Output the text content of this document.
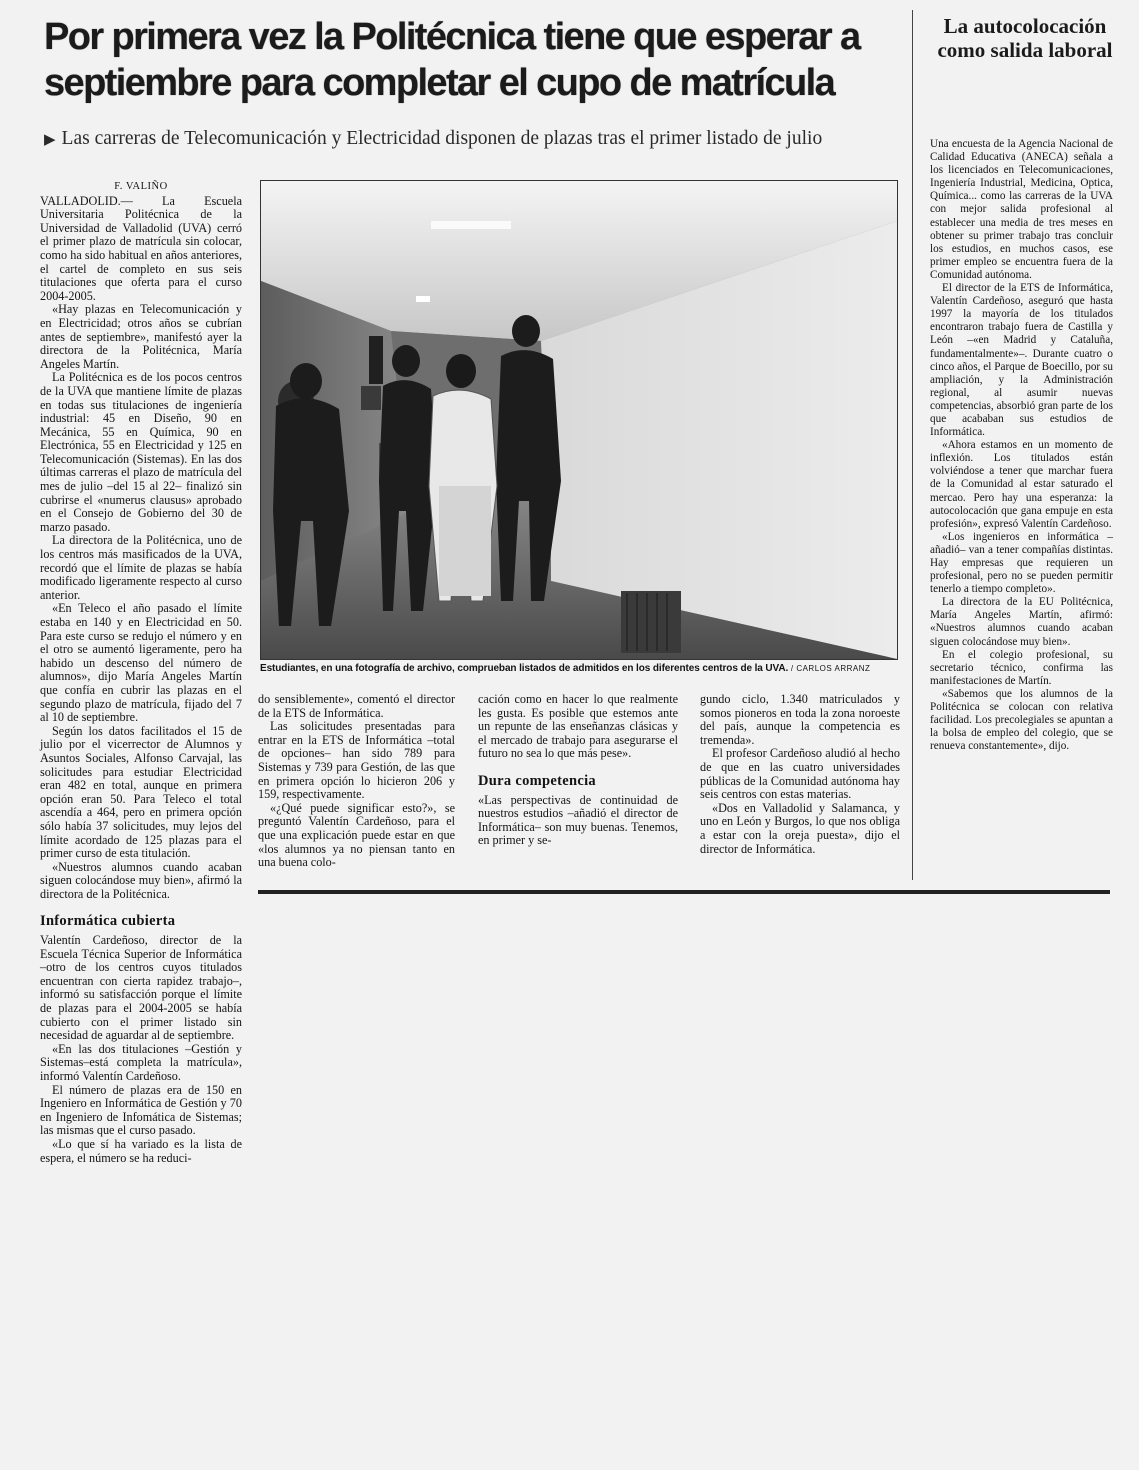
Por primera vez la Politécnica tiene que esperar a septiembre para completar el cupo de matrícula

▶ Las carreras de Telecomunicación y Electricidad disponen de plazas tras el primer listado de julio

F. VALIÑO

VALLADOLID.— La Escuela Universitaria Politécnica de la Universidad de Valladolid (UVA) cerró el primer plazo de matrícula sin colocar, como ha sido habitual en años anteriores, el cartel de completo en sus seis titulaciones que oferta para el curso 2004-2005.

«Hay plazas en Telecomunicación y en Electricidad; otros años se cubrían antes de septiembre», manifestó ayer la directora de la Politécnica, María Angeles Martín.

La Politécnica es de los pocos centros de la UVA que mantiene límite de plazas en todas sus titulaciones de ingeniería industrial: 45 en Diseño, 90 en Mecánica, 55 en Química, 90 en Electrónica, 55 en Electricidad y 125 en Telecomunicación (Sistemas). En las dos últimas carreras el plazo de matrícula del mes de julio –del 15 al 22– finalizó sin cubrirse el «numerus clausus» aprobado en el Consejo de Gobierno del 30 de marzo pasado.

La directora de la Politécnica, uno de los centros más masificados de la UVA, recordó que el límite de plazas se había modificado ligeramente respecto al curso anterior.

«En Teleco el año pasado el límite estaba en 140 y en Electricidad en 50. Para este curso se redujo el número y en el otro se aumentó ligeramente, pero ha habido un descenso del número de alumnos», dijo María Angeles Martín que confía en cubrir las plazas en el segundo plazo de matrícula, fijado del 7 al 10 de septiembre.

Según los datos facilitados el 15 de julio por el vicerrector de Alumnos y Asuntos Sociales, Alfonso Carvajal, las solicitudes para estudiar Electricidad eran 482 en total, aunque en primera opción eran 50. Para Teleco el total ascendía a 464, pero en primera opción sólo había 37 solicitudes, muy lejos del límite acordado de 125 plazas para el primer curso de esta titulación.

«Nuestros alumnos cuando acaban siguen colocándose muy bien», afirmó la directora de la Politécnica.

Informática cubierta

Valentín Cardeñoso, director de la Escuela Técnica Superior de Informática –otro de los centros cuyos titulados encuentran con cierta rapidez trabajo–, informó su satisfacción porque el límite de plazas para el 2004-2005 se había cubierto con el primer listado sin necesidad de aguardar al de septiembre.

«En las dos titulaciones –Gestión y Sistemas–está completa la matrícula», informó Valentín Cardeñoso.

El número de plazas era de 150 en Ingeniero en Informática de Gestión y 70 en Ingeniero de Infomática de Sistemas; las mismas que el curso pasado.

«Lo que sí ha variado es la lista de espera, el número se ha reduci-

Estudiantes, en una fotografía de archivo, comprueban listados de admitidos en los diferentes centros de la UVA. / CARLOS ARRANZ

do sensiblemente», comentó el director de la ETS de Informática.

Las solicitudes presentadas para entrar en la ETS de Informática –total de opciones– han sido 789 para Sistemas y 739 para Gestión, de las que en primera opción lo hicieron 206 y 159, respectivamente.

«¿Qué puede significar esto?», se preguntó Valentín Cardeñoso, para el que una explicación puede estar en que «los alumnos ya no piensan tanto en una buena colo-

cación como en hacer lo que realmente les gusta. Es posible que estemos ante un repunte de las enseñanzas clásicas y el mercado de trabajo para asegurarse el futuro no sea lo que más pese».

Dura competencia

«Las perspectivas de continuidad de nuestros estudios –añadió el director de Informática– son muy buenas. Tenemos, en primer y se-

gundo ciclo, 1.340 matriculados y somos pioneros en toda la zona noroeste del país, aunque la competencia es tremenda».

El profesor Cardeñoso aludió al hecho de que en las cuatro universidades públicas de la Comunidad autónoma hay seis centros con estas materias.

«Dos en Valladolid y Salamanca, y uno en León y Burgos, lo que nos obliga a estar con la oreja puesta», dijo el director de Informática.

La autocolocación como salida laboral

Una encuesta de la Agencia Nacional de Calidad Educativa (ANECA) señala a los licenciados en Telecomunicaciones, Ingeniería Industrial, Medicina, Optica, Química... como las carreras de la UVA con mejor salida profesional al establecer una media de tres meses en obtener su primer trabajo tras concluir los estudios, en muchos casos, ese primer empleo se encuentra fuera de la Comunidad autónoma.

El director de la ETS de Informática, Valentín Cardeñoso, aseguró que hasta 1997 la mayoría de los titulados encontraron trabajo fuera de Castilla y León –«en Madrid y Cataluña, fundamentalmente»–. Durante cuatro o cinco años, el Parque de Boecillo, por su ampliación, y la Administración regional, al asumir nuevas competencias, absorbió gran parte de los que acababan sus estudios de Informática.

«Ahora estamos en un momento de inflexión. Los titulados están volviéndose a tener que marchar fuera de la Comunidad al estar saturado el mercao. Pero hay una esperanza: la autocolocación que gana empuje en esta profesión», expresó Valentín Cardeñoso.

«Los ingenieros en informática –añadió– van a tener compañías distintas. Hay empresas que requieren un profesional, pero no se pueden permitir tenerlo a tiempo completo».

La directora de la EU Politécnica, María Angeles Martín, afirmó: «Nuestros alumnos cuando acaban siguen colocándose muy bien».

En el colegio profesional, su secretario técnico, confirma las manifestaciones de Martín.

«Sabemos que los alumnos de la Politécnica se colocan con relativa facilidad. Los precolegiales se apuntan a la bolsa de empleo del colegio, que se renueva constantemente», dijo.
